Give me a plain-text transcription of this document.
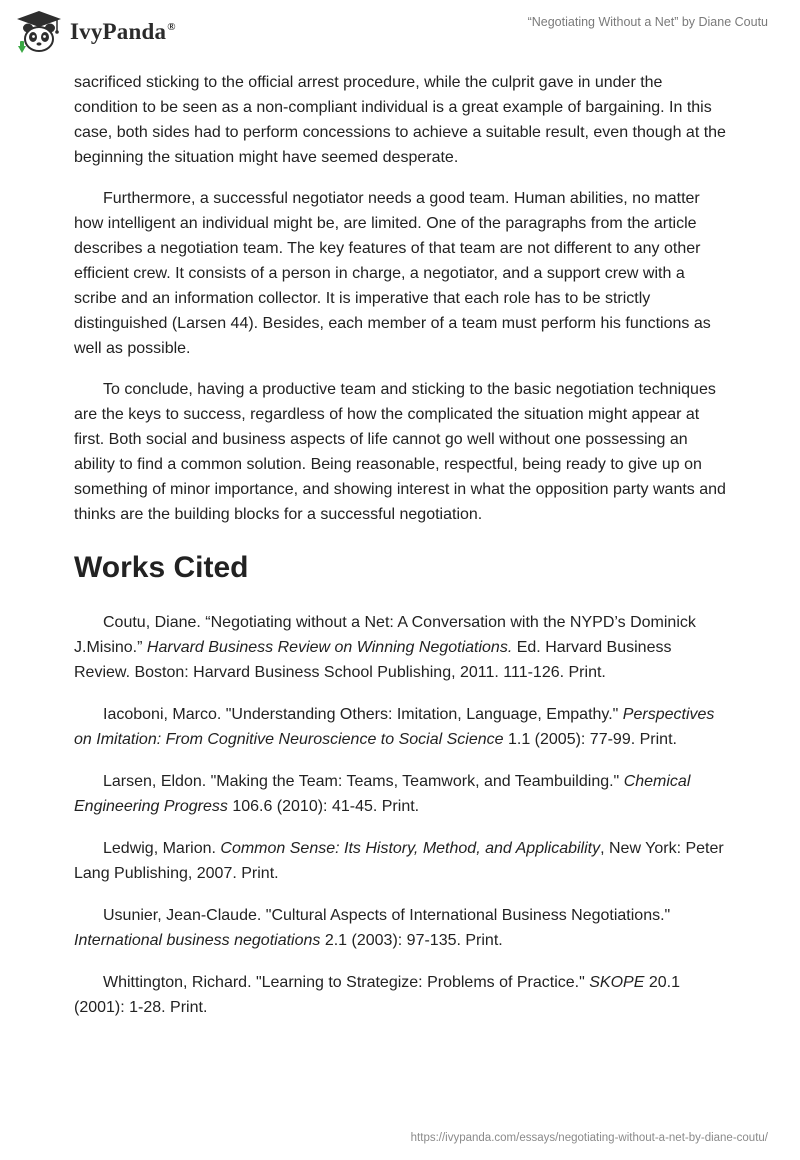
IvyPanda®	“Negotiating Without a Net” by Diane Coutu

sacrificed sticking to the official arrest procedure, while the culprit gave in under the condition to be seen as a non-compliant individual is a great example of bargaining. In this case, both sides had to perform concessions to achieve a suitable result, even though at the beginning the situation might have seemed desperate.

Furthermore, a successful negotiator needs a good team. Human abilities, no matter how intelligent an individual might be, are limited. One of the paragraphs from the article describes a negotiation team. The key features of that team are not different to any other efficient crew. It consists of a person in charge, a negotiator, and a support crew with a scribe and an information collector. It is imperative that each role has to be strictly distinguished (Larsen 44). Besides, each member of a team must perform his functions as well as possible.

To conclude, having a productive team and sticking to the basic negotiation techniques are the keys to success, regardless of how the complicated the situation might appear at first. Both social and business aspects of life cannot go well without one possessing an ability to find a common solution. Being reasonable, respectful, being ready to give up on something of minor importance, and showing interest in what the opposition party wants and thinks are the building blocks for a successful negotiation.

Works Cited

Coutu, Diane. “Negotiating without a Net: A Conversation with the NYPD’s Dominick J.Misino.” Harvard Business Review on Winning Negotiations. Ed. Harvard Business Review. Boston: Harvard Business School Publishing, 2011. 111-126. Print.

Iacoboni, Marco. "Understanding Others: Imitation, Language, Empathy." Perspectives on Imitation: From Cognitive Neuroscience to Social Science 1.1 (2005): 77-99. Print.

Larsen, Eldon. "Making the Team: Teams, Teamwork, and Teambuilding." Chemical Engineering Progress 106.6 (2010): 41-45. Print.

Ledwig, Marion. Common Sense: Its History, Method, and Applicability, New York: Peter Lang Publishing, 2007. Print.

Usunier, Jean-Claude. "Cultural Aspects of International Business Negotiations." International business negotiations 2.1 (2003): 97-135. Print.

Whittington, Richard. "Learning to Strategize: Problems of Practice." SKOPE 20.1 (2001): 1-28. Print.

https://ivypanda.com/essays/negotiating-without-a-net-by-diane-coutu/
